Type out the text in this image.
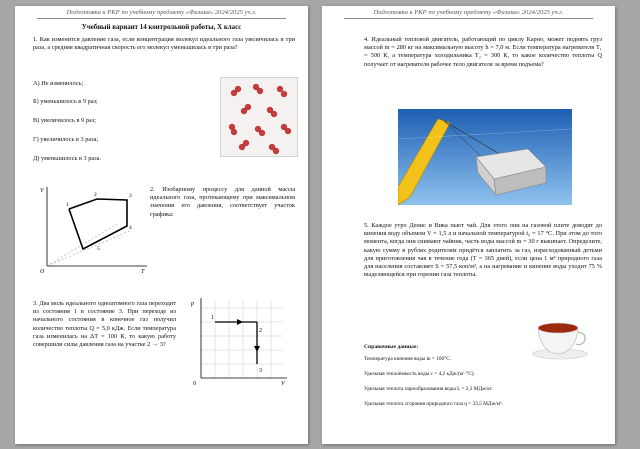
Подготовка к РКР по учебному предмету «Физика» 2024/2025 уч.г.
Учебный вариант 14 контрольной работы, X класс
1. Как изменится давление газа, если концентрация молекул идеального газа увеличилась в три раза, а средняя квадратичная скорость его молекул уменьшилась в три раза?
А) Не изменилось;
Б) уменьшилось в 9 раз;
В) увеличилось в 9 раз;
Г) увеличилось в 3 раза;
Д) уменьшилось в 3 раза.
V
T
O
1
2	3
4
5
2. Изобарному процессу для данной массы идеального газа, протекающему при максимальном значении его давления, соответствует участок графика:
3. Два моль идеального одноатомного газа переходит из состояния 1 в состояние 3. При переходе из начального состояния в конечное газ получил количество теплоты Q = 5,0 кДж. Если температура газа изменилась на ΔT = 100 К, то какую работу совершили силы давления газа на участке 2 → 3?
p
V
0
1
2
3
Подготовка к РКР по учебному предмету «Физика» 2024/2025 уч.г.
4. Идеальный тепловой двигатель, работающий по циклу Карно, может поднять груз массой m = 280 кг на максимальную высоту h = 7,0 м. Если температура нагревателя T₁ = 500 К, а температура холодильника T₂ = 300 К, то какое количество теплоты Q получает от нагревателя рабочее тело двигателя за время подъема?
5. Каждое утро Денис и Вика пьют чай. Для этого они на газовой плите доводят до кипения воду объемом V = 1,5 л и начальной температурой t₀ = 17 °C. При этом до того момента, когда они снимают чайник, часть воды массой m = 30 г выкипает. Определите, какую сумму в рублях родителям придётся заплатить за газ, израсходованный детьми для приготовления чая в течение года (T = 365 дней), если цена 1 м³ природного газа для населения составляет S = 57,5 коп/м³, а на нагревание и кипение воды уходит 75 % выделяющейся при горении газа теплоты.
Справочные данные:
Температура кипения воды tк = 100°C.
Удельная теплоёмкость воды с = 4,2 кДж/(кг·°С).
Удельная теплота парообразования воды L = 2,3 МДж/кг.
Удельная теплота сгорания природного газа q = 33,5 МДж/м³.
